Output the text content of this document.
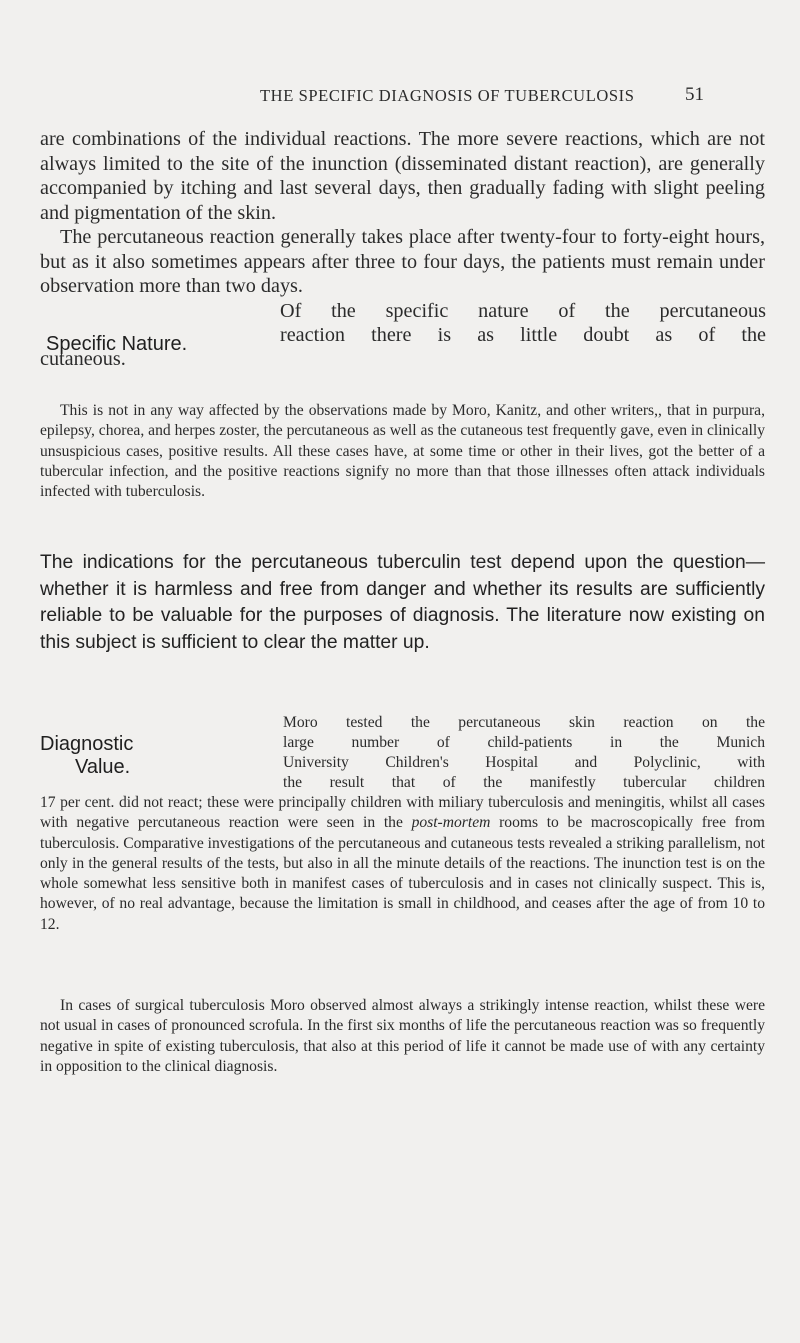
THE SPECIFIC DIAGNOSIS OF TUBERCULOSIS	51

are combinations of the individual reactions. The more severe reactions, which are not always limited to the site of the inunction (disseminated distant reaction), are generally accompanied by itching and last several days, then gradually fading with slight peeling and pigmentation of the skin.

The percutaneous reaction generally takes place after twenty-four to forty-eight hours, but as it also sometimes appears after three to four days, the patients must remain under observation more than two days.

Specific Nature.

Of the specific nature of the percutaneous

reaction there is as little doubt as of the

cutaneous.

This is not in any way affected by the observations made by Moro, Kanitz, and other writers,, that in purpura, epilepsy, chorea, and herpes zoster, the percutaneous as well as the cutaneous test frequently gave, even in clinically unsuspicious cases, positive results. All these cases have, at some time or other in their lives, got the better of a tubercular infection, and the positive reactions signify no more than that those illnesses often attack individuals infected with tuberculosis.

The indications for the percutaneous tuberculin test depend upon the question—whether it is harmless and free from danger and whether its results are sufficiently reliable to be valuable for the purposes of diagnosis. The literature now existing on this subject is sufficient to clear the matter up.

Diagnostic

Value.

Moro tested the percutaneous skin reaction on the

large number of child-patients in the Munich

University Children's Hospital and Polyclinic, with

the result that of the manifestly tubercular children

17 per cent. did not react; these were principally children with miliary tuberculosis and meningitis, whilst all cases with negative percutaneous reaction were seen in the post-mortem rooms to be macroscopically free from tuberculosis. Comparative investigations of the percutaneous and cutaneous tests revealed a striking parallelism, not only in the general results of the tests, but also in all the minute details of the reactions. The inunction test is on the whole somewhat less sensitive both in manifest cases of tuberculosis and in cases not clinically suspect. This is, however, of no real advantage, because the limitation is small in childhood, and ceases after the age of from 10 to 12.

In cases of surgical tuberculosis Moro observed almost always a strikingly intense reaction, whilst these were not usual in cases of pronounced scrofula. In the first six months of life the percutaneous reaction was so frequently negative in spite of existing tuberculosis, that also at this period of life it cannot be made use of with any certainty in opposition to the clinical diagnosis.
